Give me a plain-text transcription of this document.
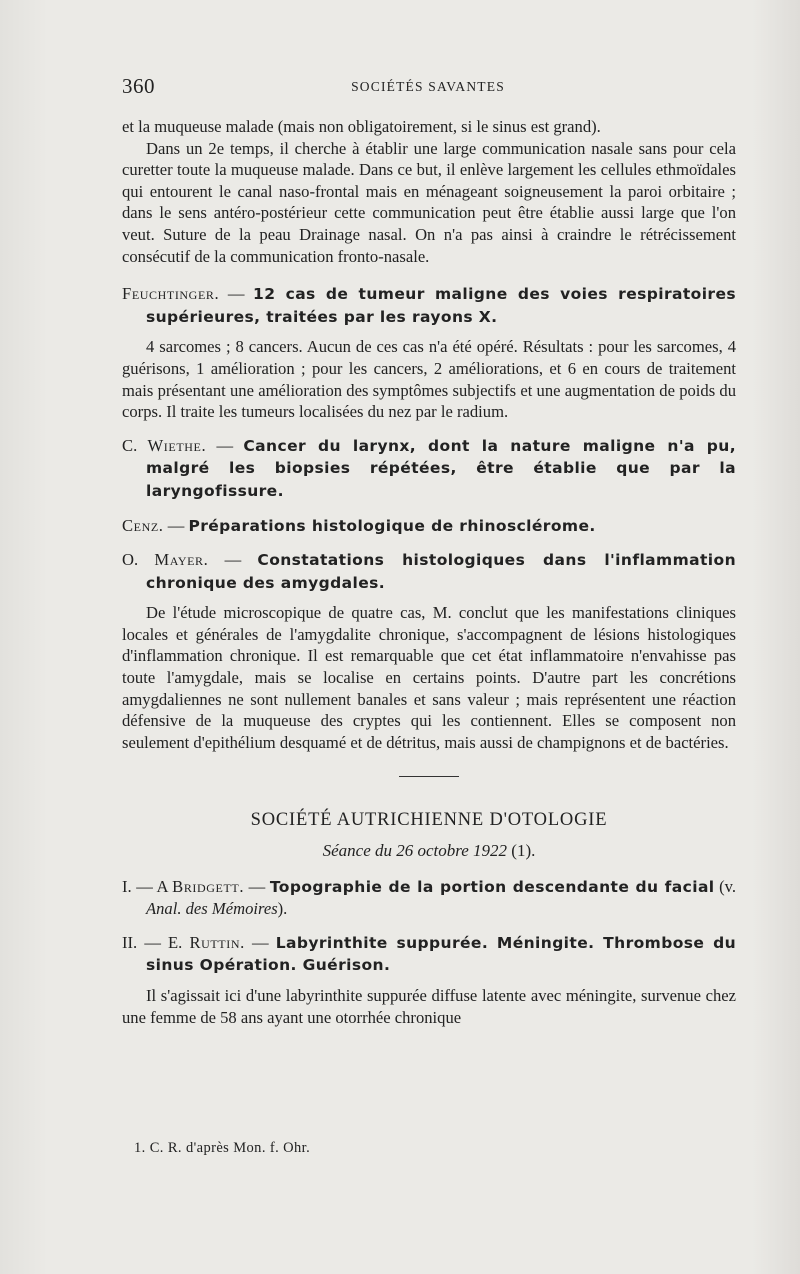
360	SOCIÉTÉS SAVANTES

et la muqueuse malade (mais non obligatoirement, si le sinus est grand).

Dans un 2e temps, il cherche à établir une large communication nasale sans pour cela curetter toute la muqueuse malade. Dans ce but, il enlève largement les cellules ethmoïdales qui entourent le canal naso-frontal mais en ménageant soigneusement la paroi orbitaire ; dans le sens antéro-postérieur cette communication peut être établie aussi large que l'on veut. Suture de la peau Drainage nasal. On n'a pas ainsi à craindre le rétrécissement consécutif de la communication fronto-nasale.

Feuchtinger. — 12 cas de tumeur maligne des voies respiratoires supérieures, traitées par les rayons X.

4 sarcomes ; 8 cancers. Aucun de ces cas n'a été opéré. Résultats : pour les sarcomes, 4 guérisons, 1 amélioration ; pour les cancers, 2 améliorations, et 6 en cours de traitement mais présentant une amélioration des symptômes subjectifs et une augmentation de poids du corps. Il traite les tumeurs localisées du nez par le radium.

C. Wiethe. — Cancer du larynx, dont la nature maligne n'a pu, malgré les biopsies répétées, être établie que par la laryngofissure.

Cenz. — Préparations histologique de rhinosclérome.

O. Mayer. — Constatations histologiques dans l'inflammation chronique des amygdales.

De l'étude microscopique de quatre cas, M. conclut que les manifestations cliniques locales et générales de l'amygdalite chronique, s'accompagnent de lésions histologiques d'inflammation chronique. Il est remarquable que cet état inflammatoire n'envahisse pas toute l'amygdale, mais se localise en certains points. D'autre part les concrétions amygdaliennes ne sont nullement banales et sans valeur ; mais représentent une réaction défensive de la muqueuse des cryptes qui les contiennent. Elles se composent non seulement d'epithélium desquamé et de détritus, mais aussi de champignons et de bactéries.

SOCIÉTÉ AUTRICHIENNE D'OTOLOGIE

Séance du 26 octobre 1922 (1).

I. — A Bridgett. — Topographie de la portion descendante du facial (v. Anal. des Mémoires).

II. — E. Ruttin. — Labyrinthite suppurée. Méningite. Thrombose du sinus Opération. Guérison.

Il s'agissait ici d'une labyrinthite suppurée diffuse latente avec méningite, survenue chez une femme de 58 ans ayant une otorrhée chronique

1. C. R. d'après Mon. f. Ohr.
